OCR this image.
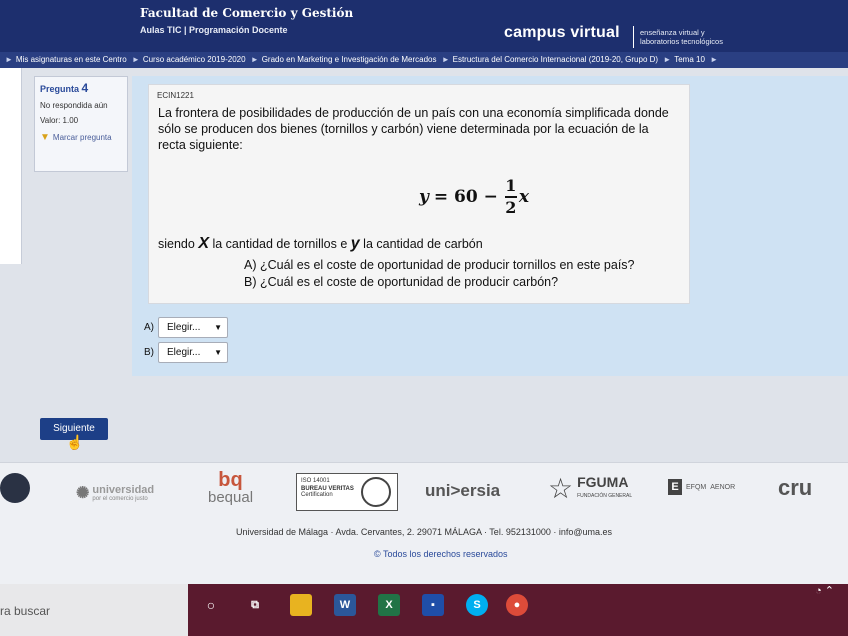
Facultad de Comercio y Gestión
Aulas TIC | Programación Docente	campus virtual	enseñanza virtual y
laboratorios tecnológicos
► Mis asignaturas en este Centro ► Curso académico 2019-2020 ► Grado en Marketing e Investigación de Mercados ► Estructura del Comercio Internacional (2019-20, Grupo D) ► Tema 10 ►
Pregunta 4
No respondida aún
Valor: 1.00
▼ Marcar pregunta
ECIN1221
La frontera de posibilidades de producción de un país con una economía simplificada donde sólo se producen dos bienes (tornillos y carbón) viene determinada por la ecuación de la recta siguiente:
$y = 60 - \frac{1}{2}$ x
siendo X la cantidad de tornillos e y la cantidad de carbón
A) ¿Cuál es el coste de oportunidad de producir tornillos en este país?
B) ¿Cuál es el coste de oportunidad de producir carbón?
A)	Elegir... ▼
B)	Elegir... ▼
Siguiente
☝
✺ universidad
por el comercio justo
bq
bequal
ISO 14001
BUREAU VERITAS
Certification	uni>ersia ☆ FGUMA
FUNDACIÓN GENERAL
E	EFQM AENOR cru
Universidad de Málaga · Avda. Cervantes, 2. 29071 MÁLAGA · Tel. 952131000 · info@uma.es
© Todos los derechos reservados
ra buscar	○	⧉	W	X	▪	S	●
◔ ⌃
